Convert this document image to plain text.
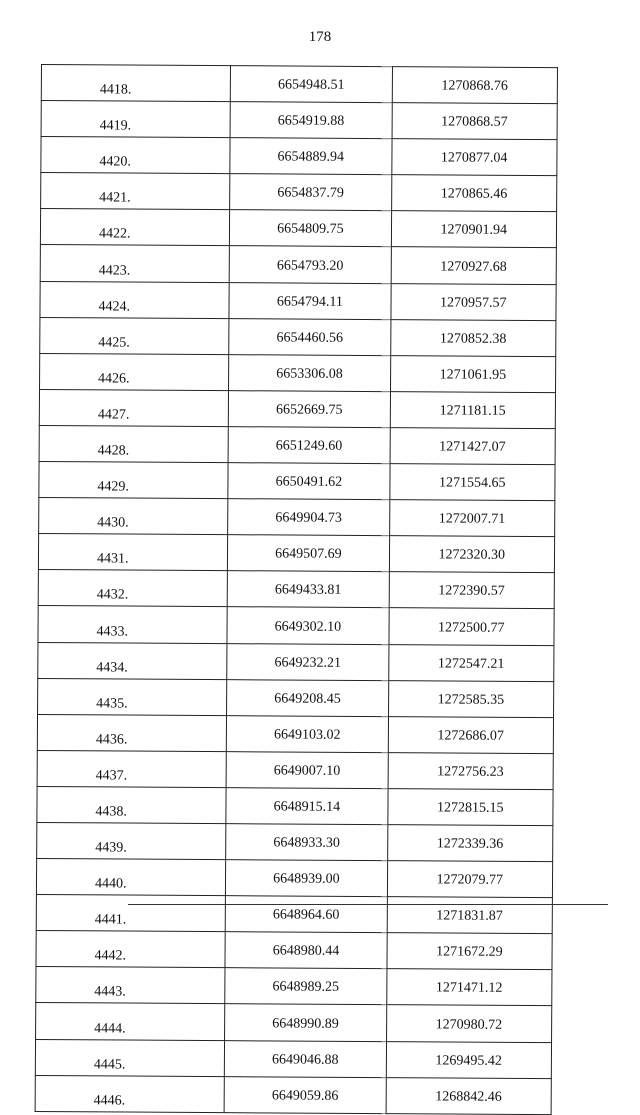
178
4418.	6654948.51	1270868.76
4419.	6654919.88	1270868.57
4420.	6654889.94	1270877.04
4421.	6654837.79	1270865.46
4422.	6654809.75	1270901.94
4423.	6654793.20	1270927.68
4424.	6654794.11	1270957.57
4425.	6654460.56	1270852.38
4426.	6653306.08	1271061.95
4427.	6652669.75	1271181.15
4428.	6651249.60	1271427.07
4429.	6650491.62	1271554.65
4430.	6649904.73	1272007.71
4431.	6649507.69	1272320.30
4432.	6649433.81	1272390.57
4433.	6649302.10	1272500.77
4434.	6649232.21	1272547.21
4435.	6649208.45	1272585.35
4436.	6649103.02	1272686.07
4437.	6649007.10	1272756.23
4438.	6648915.14	1272815.15
4439.	6648933.30	1272339.36
4440.	6648939.00	1272079.77
4441.	6648964.60	1271831.87
4442.	6648980.44	1271672.29
4443.	6648989.25	1271471.12
4444.	6648990.89	1270980.72
4445.	6649046.88	1269495.42
4446.	6649059.86	1268842.46
